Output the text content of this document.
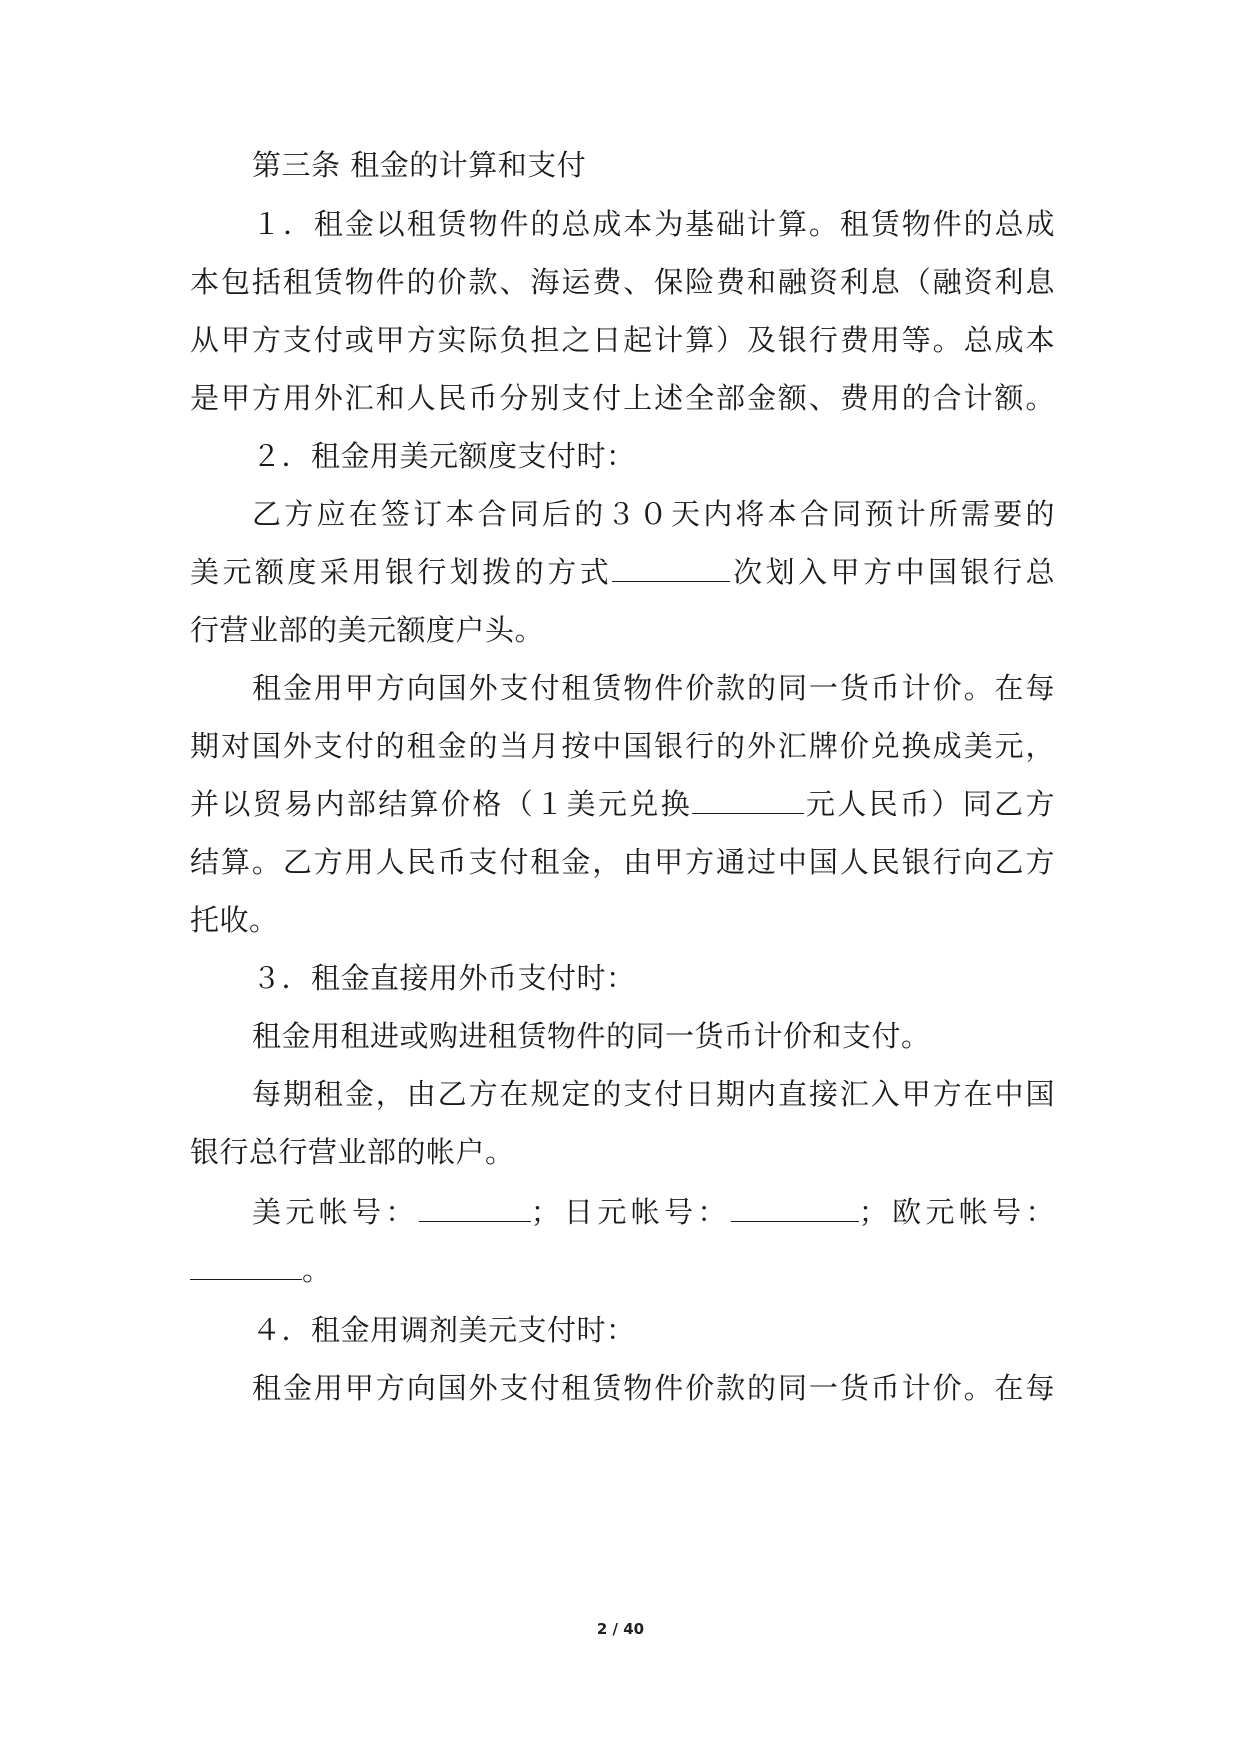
第三条 租金的计算和支付
１．租金以租赁物件的总成本为基础计算。租赁物件的总成
本包括租赁物件的价款、海运费、保险费和融资利息（融资利息
从甲方支付或甲方实际负担之日起计算）及银行费用等。总成本
是甲方用外汇和人民币分别支付上述全部金额、费用的合计额。
２．租金用美元额度支付时：
乙方应在签订本合同后的３０天内将本合同预计所需要的
美元额度采用银行划拨的方式	次划入甲方中国银行总
行营业部的美元额度户头。
租金用甲方向国外支付租赁物件价款的同一货币计价。在每
期对国外支付的租金的当月按中国银行的外汇牌价兑换成美元，
并以贸易内部结算价格（１美元兑换	元人民币）同乙方
结算。乙方用人民币支付租金，由甲方通过中国人民银行向乙方
托收。
３．租金直接用外币支付时：
租金用租进或购进租赁物件的同一货币计价和支付。
每期租金，由乙方在规定的支付日期内直接汇入甲方在中国
银行总行营业部的帐户。
美元帐号：	；日元帐号：	；欧元帐号：
。
４．租金用调剂美元支付时：
租金用甲方向国外支付租赁物件价款的同一货币计价。在每
2 / 40
